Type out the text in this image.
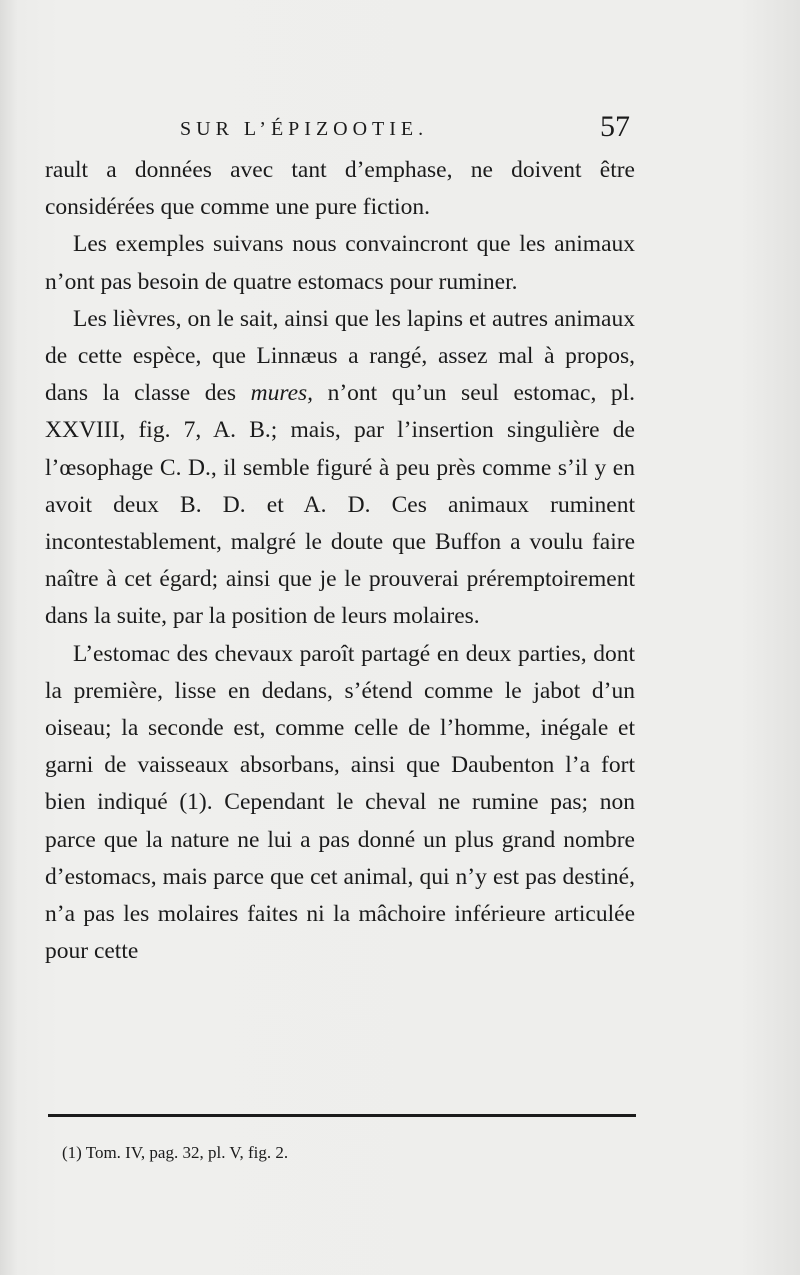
SUR L’ÉPIZOOTIE.	57

rault a données avec tant d’emphase, ne doivent être considérées que comme une pure fiction.

Les exemples suivans nous convaincront que les animaux n’ont pas besoin de quatre estomacs pour ruminer.

Les lièvres, on le sait, ainsi que les lapins et autres animaux de cette espèce, que Linnæus a rangé, assez mal à propos, dans la classe des mures, n’ont qu’un seul estomac, pl. XXVIII, fig. 7, A. B.; mais, par l’insertion singulière de l’œsophage C. D., il semble figuré à peu près comme s’il y en avoit deux B. D. et A. D. Ces animaux ruminent incontestablement, malgré le doute que Buffon a voulu faire naître à cet égard; ainsi que je le prouverai préremptoirement dans la suite, par la position de leurs molaires.

L’estomac des chevaux paroît partagé en deux parties, dont la première, lisse en dedans, s’étend comme le jabot d’un oiseau; la seconde est, comme celle de l’homme, inégale et garni de vaisseaux absorbans, ainsi que Daubenton l’a fort bien indiqué (1). Cependant le cheval ne rumine pas; non parce que la nature ne lui a pas donné un plus grand nombre d’estomacs, mais parce que cet animal, qui n’y est pas destiné, n’a pas les molaires faites ni la mâchoire inférieure articulée pour cette

(1) Tom. IV, pag. 32, pl. V, fig. 2.
